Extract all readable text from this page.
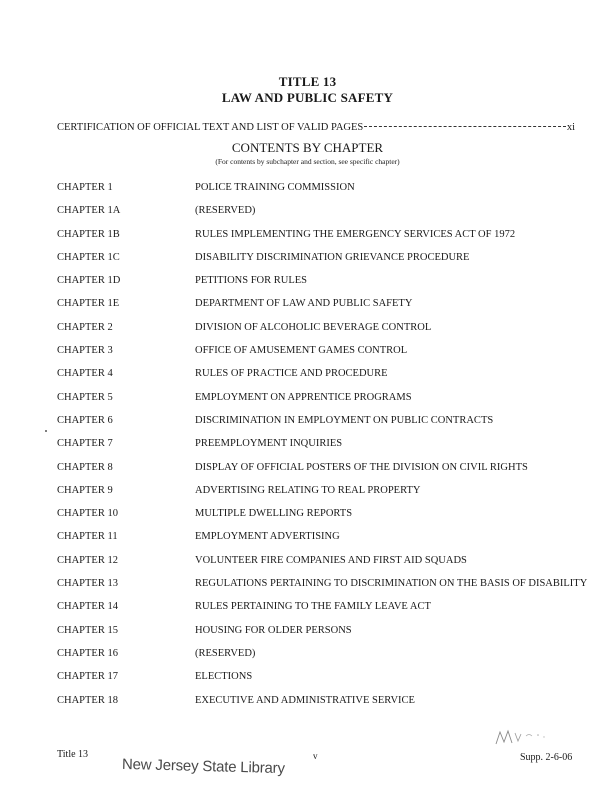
TITLE 13
LAW AND PUBLIC SAFETY
CERTIFICATION OF OFFICIAL TEXT AND LIST OF VALID PAGES	xi
CONTENTS BY CHAPTER
(For contents by subchapter and section, see specific chapter)
CHAPTER 1	POLICE TRAINING COMMISSION
CHAPTER 1A	(RESERVED)
CHAPTER 1B	RULES IMPLEMENTING THE EMERGENCY SERVICES ACT OF 1972
CHAPTER 1C	DISABILITY DISCRIMINATION GRIEVANCE PROCEDURE
CHAPTER 1D	PETITIONS FOR RULES
CHAPTER 1E	DEPARTMENT OF LAW AND PUBLIC SAFETY
CHAPTER 2	DIVISION OF ALCOHOLIC BEVERAGE CONTROL
CHAPTER 3	OFFICE OF AMUSEMENT GAMES CONTROL
CHAPTER 4	RULES OF PRACTICE AND PROCEDURE
CHAPTER 5	EMPLOYMENT ON APPRENTICE PROGRAMS
CHAPTER 6	DISCRIMINATION IN EMPLOYMENT ON PUBLIC CONTRACTS
CHAPTER 7	PREEMPLOYMENT INQUIRIES
CHAPTER 8	DISPLAY OF OFFICIAL POSTERS OF THE DIVISION ON CIVIL RIGHTS
CHAPTER 9	ADVERTISING RELATING TO REAL PROPERTY
CHAPTER 10	MULTIPLE DWELLING REPORTS
CHAPTER 11	EMPLOYMENT ADVERTISING
CHAPTER 12	VOLUNTEER FIRE COMPANIES AND FIRST AID SQUADS
CHAPTER 13	REGULATIONS PERTAINING TO DISCRIMINATION ON THE BASIS OF DISABILITY
CHAPTER 14	RULES PERTAINING TO THE FAMILY LEAVE ACT
CHAPTER 15	HOUSING FOR OLDER PERSONS
CHAPTER 16	(RESERVED)
CHAPTER 17	ELECTIONS
CHAPTER 18	EXECUTIVE AND ADMINISTRATIVE SERVICE
Title 13
New Jersey State Library	v	Supp. 2-6-06
